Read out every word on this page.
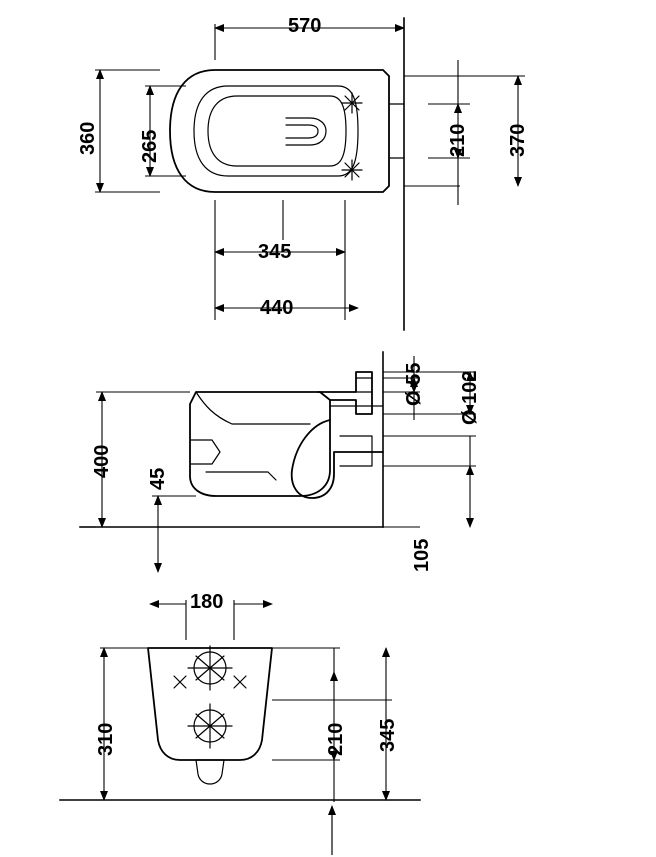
570
360 265	210 370
345
440
400
45
Ø 55 Ø 102
105
180
310	210 345
